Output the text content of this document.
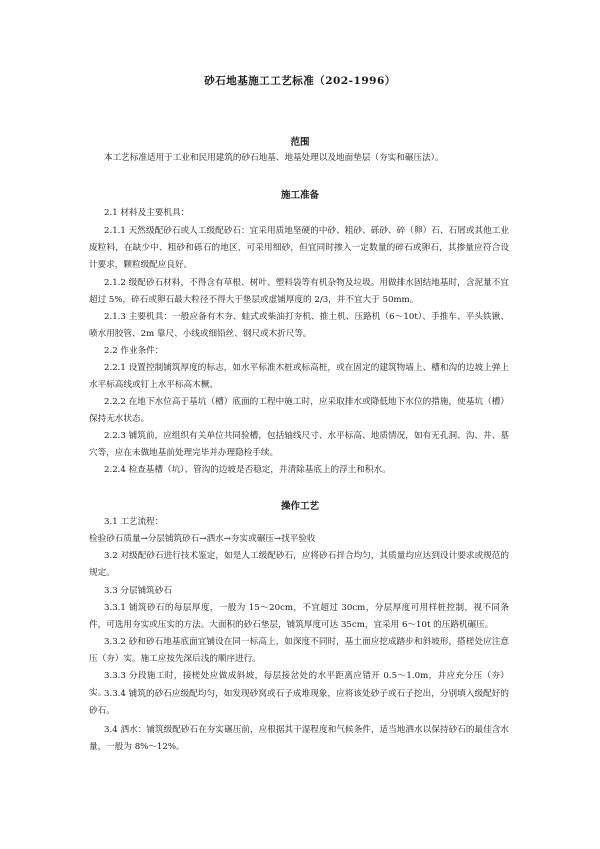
砂石地基施工工艺标准（202-1996）
范围

本工艺标准适用于工业和民用建筑的砂石地基、地基处理以及地面垫层（夯实和碾压法）。

施工准备

2.1 材料及主要机具：

2.1.1 天然级配砂石或人工级配砂石：宜采用质地坚硬的中砂、粗砂、砾砂、碎（卵）石、石屑或其他工业废粒料，在缺少中、粗砂和砾石的地区，可采用细砂，但宜同时掺入一定数量的碎石或卵石，其掺量应符合设计要求，颗粒级配应良好。

2.1.2 级配砂石材料，不得含有草根、树叶、塑料袋等有机杂物及垃圾。用做排水固结地基时，含泥量不宜超过 5%，碎石或卵石最大粒径不得大于垫层或虚铺厚度的 2/3，并不宜大于 50mm。

2.1.3 主要机具：一般应备有木夯、蛙式或柴油打夯机、推土机、压路机（6～10t）、手推车、平头铁锹、喷水用胶管、2m 靠尺、小线或细铅丝、钢尺或木折尺等。

2.2 作业条件：

2.2.1 设置控制铺筑厚度的标志，如水平标准木桩或标高桩，或在固定的建筑物墙上、槽和沟的边坡上弹上水平标高线或钉上水平标高木橛。

2.2.2 在地下水位高于基坑（槽）底面的工程中施工时，应采取排水或降低地下水位的措施，使基坑（槽）保持无水状态。

2.2.3 铺筑前，应组织有关单位共同验槽，包括轴线尺寸、水平标高、地质情况，如有无孔洞、沟、井、墓穴等，应在未做地基前处理完毕并办理隐检手续。

2.2.4 检查基槽（坑）、管沟的边坡是否稳定，并清除基底上的浮土和积水。

操作工艺

3.1 工艺流程：

检验砂石质量→分层铺筑砂石→洒水→夯实或碾压→找平验收

3.2 对级配砂石进行技术鉴定，如是人工级配砂石，应将砂石拌合均匀，其质量均应达到设计要求或规范的规定。

3.3 分层铺筑砂石

3.3.1 铺筑砂石的每层厚度，一般为 15～20cm，不宜超过 30cm，分层厚度可用样桩控制，视不同条件，可选用夯实或压实的方法。大面积的砂石垫层，铺筑厚度可达 35cm，宜采用 6～10t 的压路机碾压。

3.3.2 砂和砂石地基底面宜铺设在同一标高上，如深度不同时，基土面应挖成踏步和斜坡形，搭槎处应注意压（夯）实。施工应按先深后浅的顺序进行。

3.3.3 分段施工时，接槎处应做成斜坡，每层接岔处的水平距离应错开 0.5～1.0m，并应充分压（夯）实。

3.3.4 铺筑的砂石应级配均匀，如发现砂窝或石子成堆现象，应将该处砂子或石子挖出，分别填入级配好的砂石。

3.4 洒水：铺筑级配砂石在夯实碾压前，应根据其干湿程度和气候条件，适当地洒水以保持砂石的最佳含水量，一般为 8%～12%。
